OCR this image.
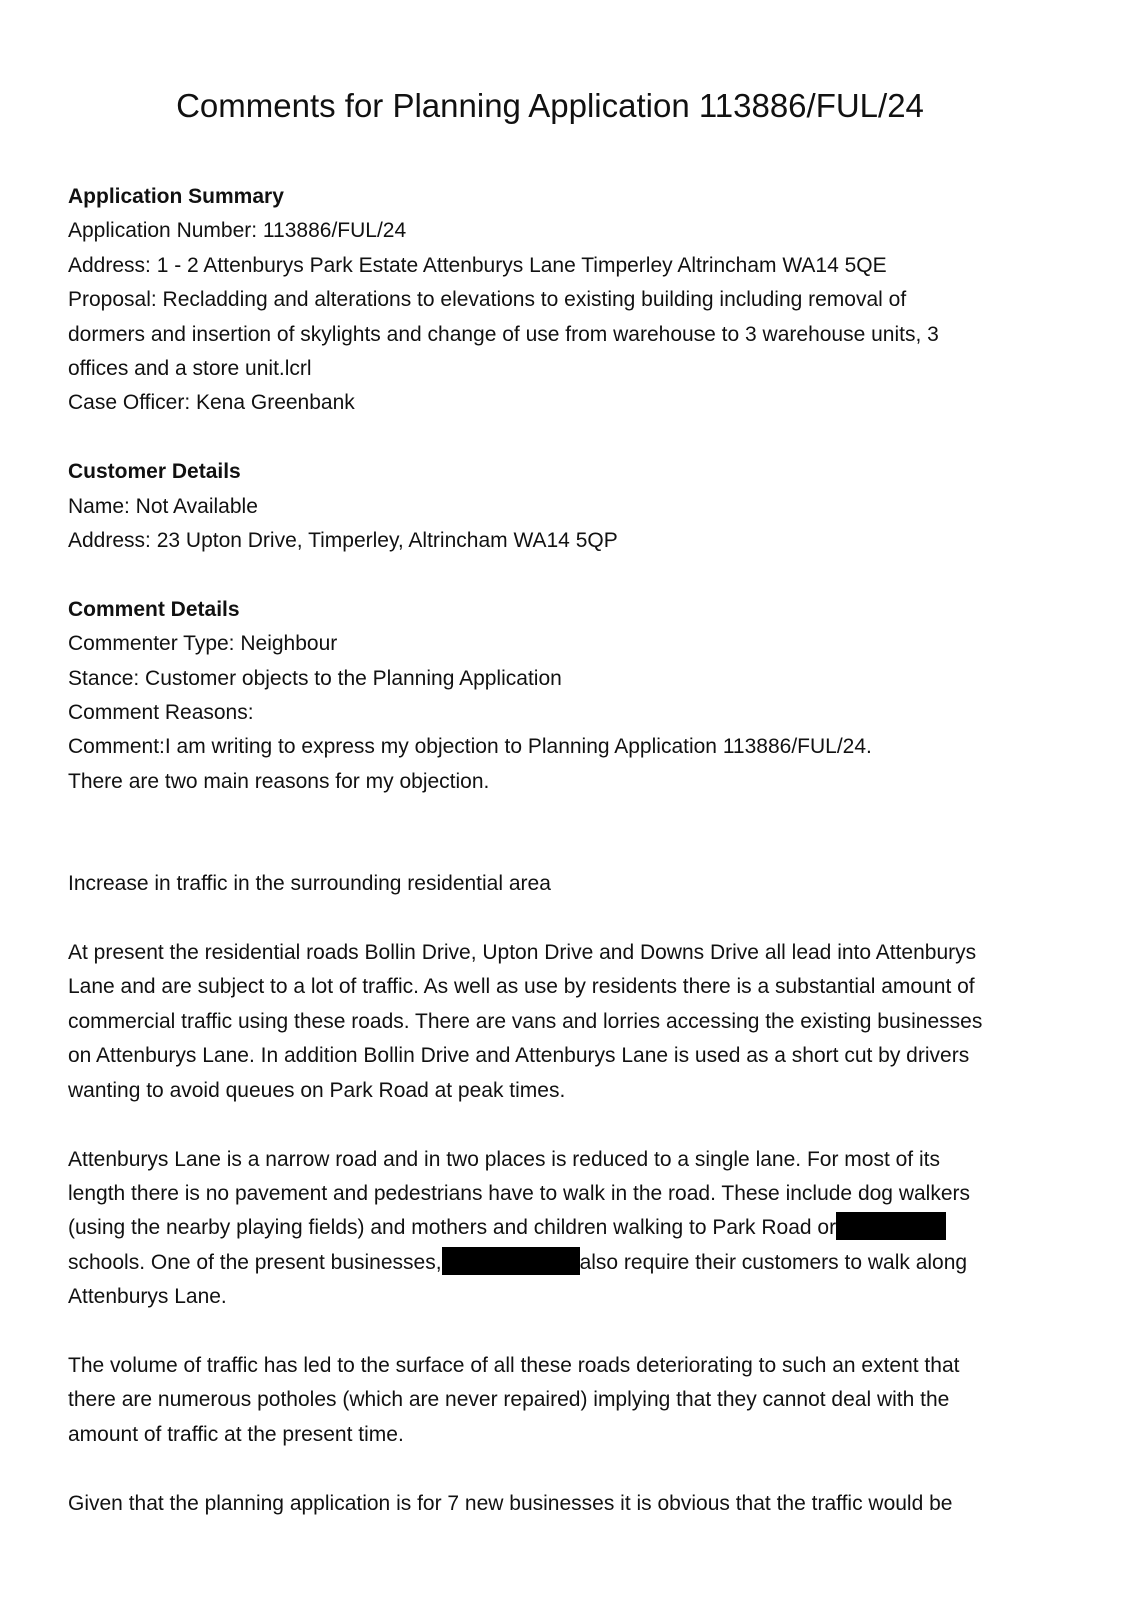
Comments for Planning Application 113886/FUL/24

Application Summary

Application Number: 113886/FUL/24

Address: 1 - 2 Attenburys Park Estate Attenburys Lane Timperley Altrincham WA14 5QE

Proposal: Recladding and alterations to elevations to existing building including removal of

dormers and insertion of skylights and change of use from warehouse to 3 warehouse units, 3

offices and a store unit.lcrl

Case Officer: Kena Greenbank

Customer Details

Name: Not Available

Address: 23 Upton Drive, Timperley, Altrincham WA14 5QP

Comment Details

Commenter Type: Neighbour

Stance: Customer objects to the Planning Application

Comment Reasons:

Comment:I am writing to express my objection to Planning Application 113886/FUL/24.

There are two main reasons for my objection.

Increase in traffic in the surrounding residential area

At present the residential roads Bollin Drive, Upton Drive and Downs Drive all lead into Attenburys

Lane and are subject to a lot of traffic. As well as use by residents there is a substantial amount of

commercial traffic using these roads. There are vans and lorries accessing the existing businesses

on Attenburys Lane. In addition Bollin Drive and Attenburys Lane is used as a short cut by drivers

wanting to avoid queues on Park Road at peak times.

Attenburys Lane is a narrow road and in two places is reduced to a single lane. For most of its

length there is no pavement and pedestrians have to walk in the road. These include dog walkers

(using the nearby playing fields) and mothers and children walking to Park Road or

schools. One of the present businesses,	also require their customers to walk along

Attenburys Lane.

The volume of traffic has led to the surface of all these roads deteriorating to such an extent that

there are numerous potholes (which are never repaired) implying that they cannot deal with the

amount of traffic at the present time.

Given that the planning application is for 7 new businesses it is obvious that the traffic would be
